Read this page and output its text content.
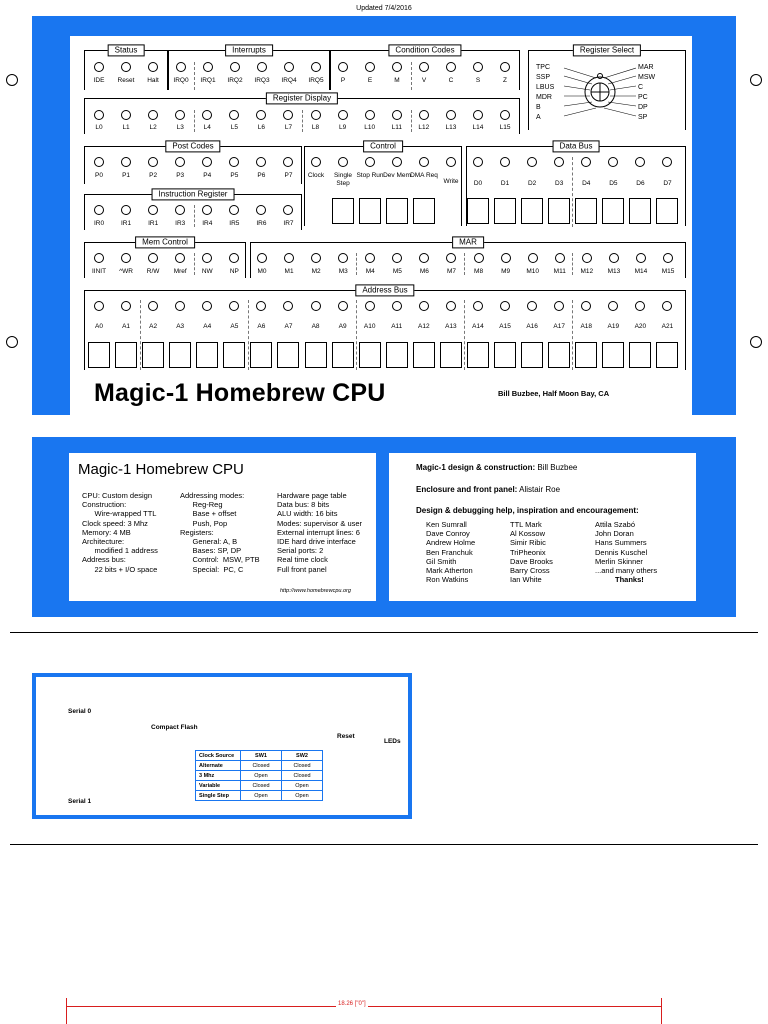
Updated 7/4/2016
Status	Interrupts	Condition Codes	Register Select
Register Display
Post Codes	Control	Data Bus
Instruction Register
Mem Control	MAR
Address Bus
Magic-1 Homebrew CPU	Bill Buzbee, Half Moon Bay, CA
IDE	Reset	Halt	IRQ0	IRQ1	IRQ2	IRQ3	IRQ4	IRQ5	P	E	M	V	C	S	Z
TPC
SSP
LBUS
MDR
B
A
MAR
MSW
C
PC
DP
SP
L0	L1	L2	L3	L4	L5	L6	L7	L8	L9	L10	L11	L12	L13	L14	L15
P0	P1	P2	P3	P4	P5	P6	P7	Clock	Single Step
Stop Run Dev Mem DMA Req
Write	D0	D1	D2	D3	D4	D5	D6	D7
IR0	IR1	IR1	IR3	IR4	IR5	IR6	IR7
IINIT	^WR	R/W	Mref	NW	NP	M0	M1	M2	M3	M4	M5	M6	M7	M8	M9	M10	M11	M12	M13	M14	M15
A0	A1	A2	A3	A4	A5	A6	A7	A8	A9	A10	A11	A12	A13	A14	A15	A16	A17	A18	A19	A20	A21
Magic-1 Homebrew CPU
CPU: Custom design
Construction:
Wire-wrapped TTL
Clock speed: 3 Mhz
Memory: 4 MB
Architecture:
modified 1 address
Address bus:
22 bits + I/O space
Addressing modes:
Reg-Reg
Base + offset
Push, Pop
Registers:
General: A, B
Bases: SP, DP
Control:  MSW, PTB
Special:  PC, C
Hardware page table
Data bus: 8 bits
ALU width: 16 bits
Modes: supervisor & user
External interrupt lines: 6
IDE hard drive interface
Serial ports: 2
Real time clock
Full front panel
http://www.homebrewcpu.org
Magic-1 design & construction: Bill Buzbee
Enclosure and front panel: Alistair Roe
Design & debugging help, inspiration and encouragement:
Ken Sumrall
Dave Conroy
Andrew Holme
Ben Franchuk
Gil Smith
Mark Atherton
Ron Watkins
TTL Mark
Al Kossow
Simir Ribic
TriPheonix
Dave Brooks
Barry Cross
Ian White
Attila Szabó
John Doran
Hans Summers
Dennis Kuschel
Merlin Skinner
...and many others
Thanks!
Serial 0
Compact Flash
Reset
LEDs
Serial 1
Clock Source	SW1	SW2
Alternate	Closed	Closed
3 Mhz	Open	Closed
Variable	Closed	Open
Single Step	Open	Open
18.26 ["0"]
